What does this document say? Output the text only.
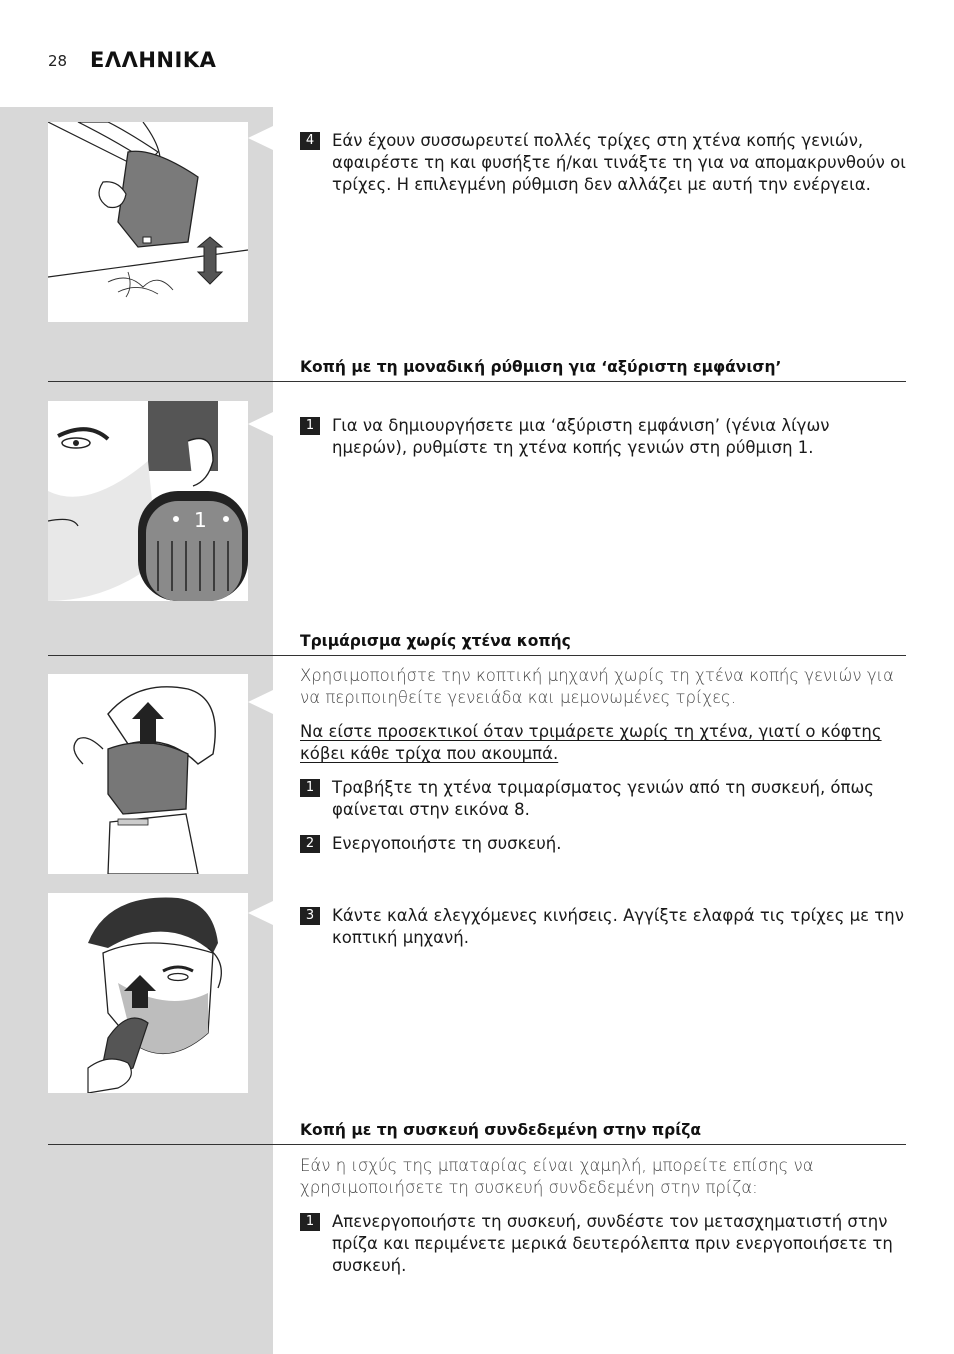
28 ΕΛΛΗΝΙΚΑ
4	Εάν έχουν συσσωρευτεί πολλές τρίχες στη χτένα κοπής γενιών, αφαιρέστε τη και φυσήξτε ή/και τινάξτε τη για να απομακρυνθούν οι τρίχες. Η επιλεγμένη ρύθμιση δεν αλλάζει με αυτή την ενέργεια.

Κοπή με τη μοναδική ρύθμιση για ‘αξύριστη εμφάνιση’
1
1	Για να δημιουργήσετε μια ‘αξύριστη εμφάνιση’ (γένια λίγων ημερών), ρυθμίστε τη χτένα κοπής γενιών στη ρύθμιση 1.

Τριμάρισμα χωρίς χτένα κοπής

Χρησιμοποιήστε την κοπτική μηχανή χωρίς τη χτένα κοπής γενιών για να περιποιηθείτε γενειάδα και μεμονωμένες τρίχες.

Να είστε προσεκτικοί όταν τριμάρετε χωρίς τη χτένα, γιατί ο κόφτης κόβει κάθε τρίχα που ακουμπά.

1	Τραβήξτε τη χτένα τριμαρίσματος γενιών από τη συσκευή, όπως φαίνεται στην εικόνα 8.

2	Ενεργοποιήστε τη συσκευή.

3	Κάντε καλά ελεγχόμενες κινήσεις. Αγγίξτε ελαφρά τις τρίχες με την κοπτική μηχανή.

Κοπή με τη συσκευή συνδεδεμένη στην πρίζα

Εάν η ισχύς της μπαταρίας είναι χαμηλή, μπορείτε επίσης να χρησιμοποιήσετε τη συσκευή συνδεδεμένη στην πρίζα:

1	Απενεργοποιήστε τη συσκευή, συνδέστε τον μετασχηματιστή στην πρίζα και περιμένετε μερικά δευτερόλεπτα πριν ενεργοποιήσετε τη συσκευή.
